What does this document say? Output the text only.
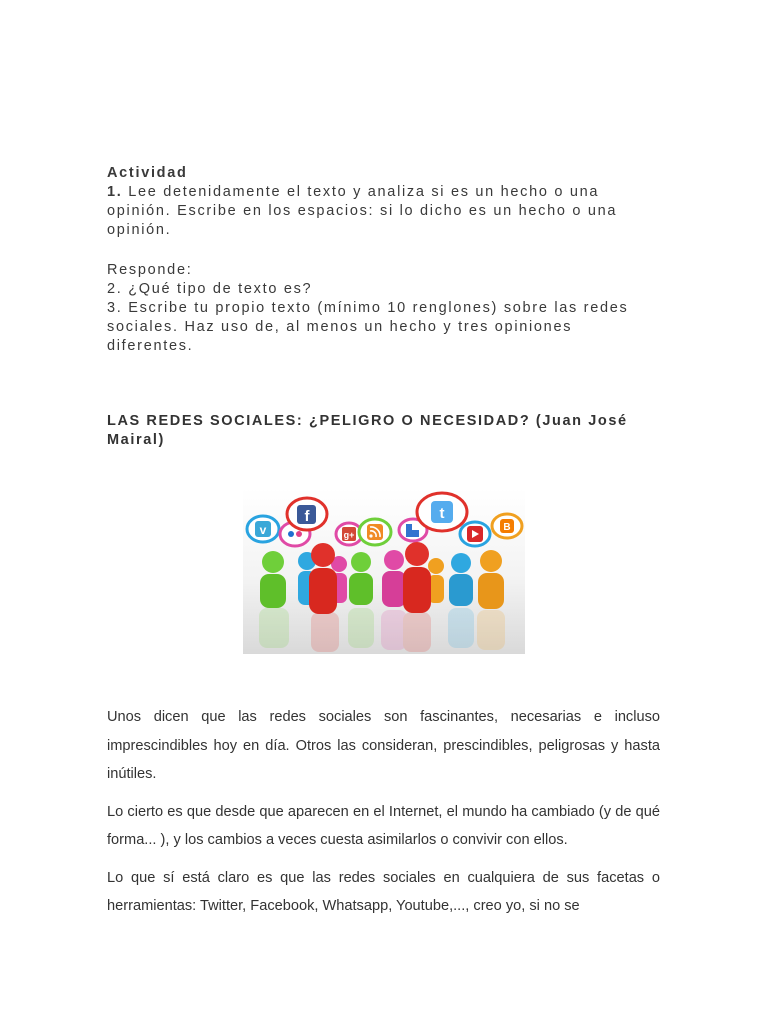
Actividad

1. Lee detenidamente el texto y analiza si es un hecho o una opinión. Escribe en los espacios: si lo dicho es un hecho o una opinión.

Responde:

2. ¿Qué tipo de texto es?

3. Escribe tu propio texto (mínimo 10 renglones) sobre las redes sociales. Haz uso de, al menos un hecho y tres opiniones diferentes.

LAS REDES SOCIALES: ¿PELIGRO O NECESIDAD? (Juan José Mairal)
v
f
g+
t
B

Unos dicen que las redes sociales son fascinantes, necesarias e incluso imprescindibles hoy en día. Otros las consideran, prescindibles, peligrosas y hasta inútiles.

Lo cierto es que desde que aparecen en el Internet, el mundo ha cambiado (y de qué forma... ), y los cambios a veces cuesta asimilarlos o convivir con ellos.

Lo que sí está claro es que las redes sociales en cualquiera de sus facetas o herramientas: Twitter, Facebook, Whatsapp, Youtube,..., creo yo, si no se
